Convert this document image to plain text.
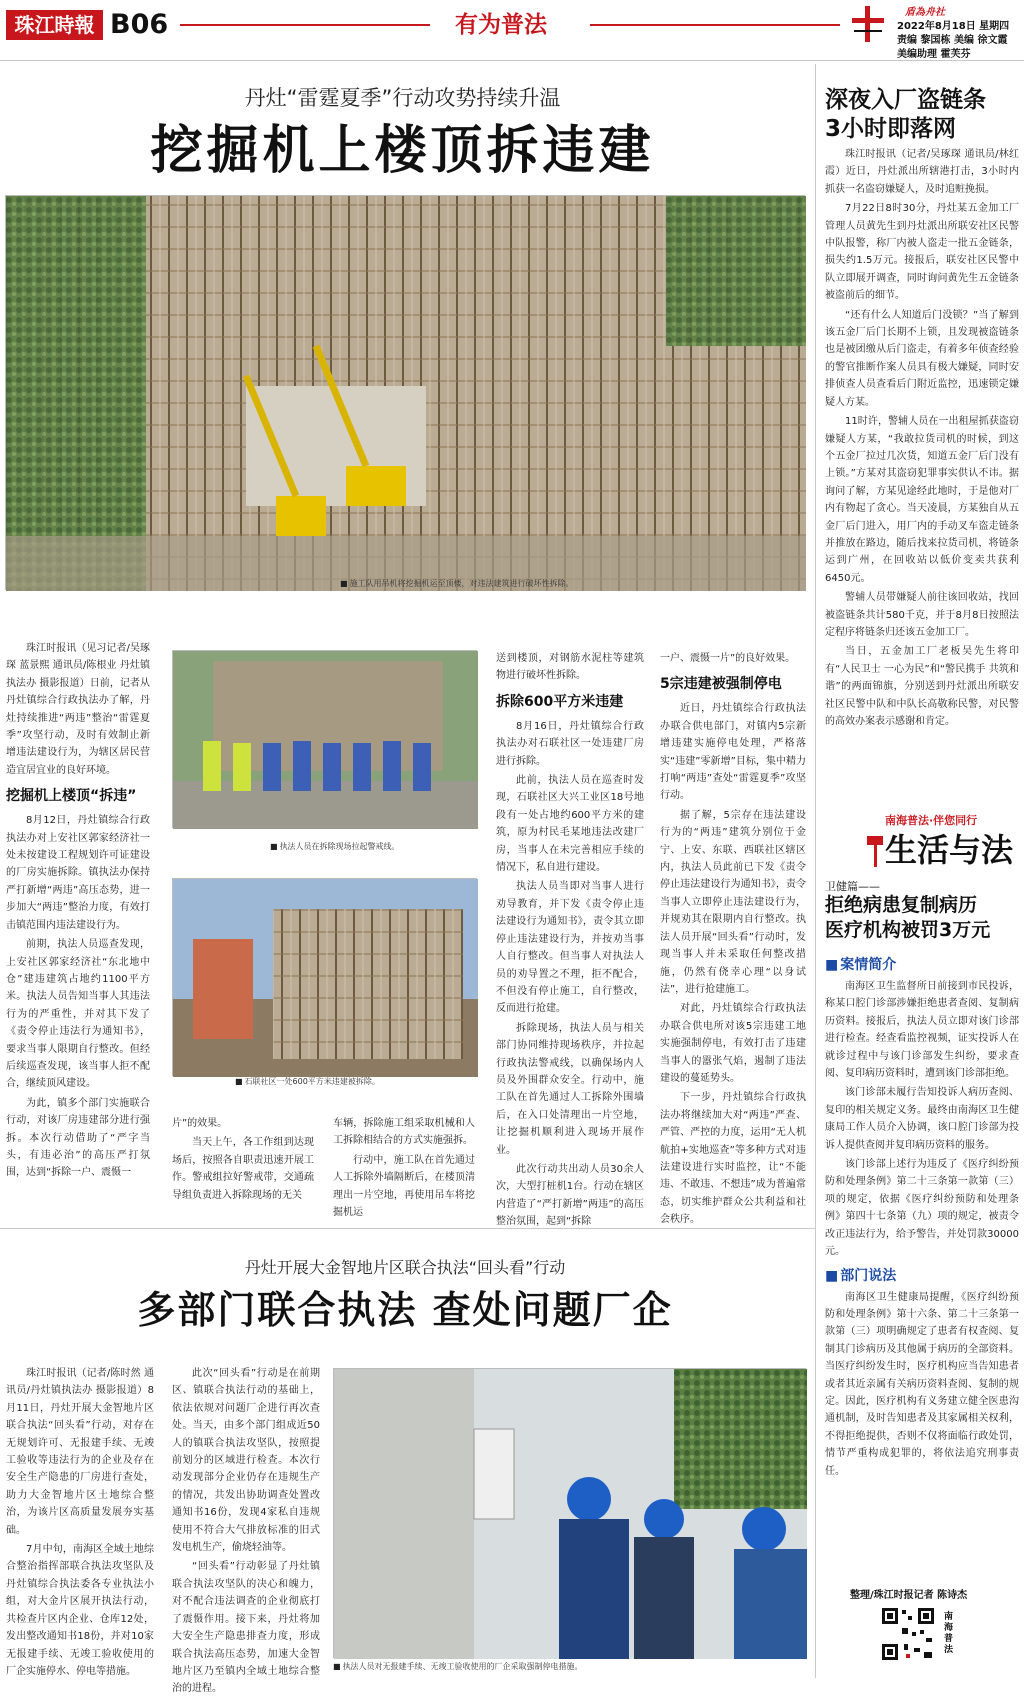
珠江時報 B06	有为普法	盾為舟社
2022年8月18日 星期四
责编 黎国栋 美编 徐文霞
美编助理 霍芙芬
丹灶“雷霆夏季”行动攻势持续升温
挖掘机上楼顶拆违建
■ 施工队用吊机将挖掘机运至顶楼，对违法建筑进行破坏性拆除。

珠江时报讯（见习记者/吴琢琛 蓝景熙 通讯员/陈根业 丹灶镇执法办 摄影报道）日前，记者从丹灶镇综合行政执法办了解，丹灶持续推进“两违”整治“雷霆夏季”攻坚行动，及时有效制止新增违法建设行为，为辖区居民营造宜居宜业的良好环境。

挖掘机上楼顶“拆违”

8月12日，丹灶镇综合行政执法办对上安社区郭家经济社一处未按建设工程规划许可证建设的厂房实施拆除。镇执法办保持严打新增“两违”高压态势，进一步加大“两违”整治力度，有效打击镇范围内违法建设行为。

前期，执法人员巡查发现，上安社区郭家经济社“东北地中仓”建违建筑占地约1100平方米。执法人员告知当事人其违法行为的严重性，并对其下发了《责令停止违法行为通知书》，要求当事人限期自行整改。但经后续巡查发现，该当事人拒不配合，继续顶风建设。

为此，镇多个部门实施联合行动，对该厂房违建部分进行强拆。本次行动借助了“严字当头，有违必治”的高压严打氛围，达到“拆除一户、震慑一

■ 执法人员在拆除现场拉起警戒线。
■ 石联社区一处600平方米违建被拆除。

片”的效果。

当天上午，各工作组到达现场后，按照各自职责迅速开展工作。警戒组拉好警戒带，交通疏导组负责进入拆除现场的无关

车辆，拆除施工组采取机械和人工拆除相结合的方式实施强拆。

行动中，施工队在首先通过人工拆除外墙隔断后，在楼顶清理出一片空地，再使用吊车将挖掘机运

送到楼顶，对钢筋水泥柱等建筑物进行破坏性拆除。

拆除600平方米违建

8月16日，丹灶镇综合行政执法办对石联社区一处违建厂房进行拆除。

此前，执法人员在巡查时发现，石联社区大兴工业区18号地段有一处占地约600平方米的建筑，原为村民毛某地违法改建厂房，当事人在未完善相应手续的情况下，私自进行建设。

执法人员当即对当事人进行劝导教育，并下发《责令停止违法建设行为通知书》，责令其立即停止违法建设行为，并按劝当事人自行整改。但当事人对执法人员的劝导置之不理，拒不配合，不但没有停止施工，自行整改，反而进行抢建。

拆除现场，执法人员与相关部门协同维持现场秩序，并拉起行政执法警戒线，以确保场内人员及外围群众安全。行动中，施工队在首先通过人工拆除外围墙后，在入口处清理出一片空地，让挖掘机顺利进入现场开展作业。

此次行动共出动人员30余人次，大型打桩机1台。行动在辖区内营造了“严打新增”两违”的高压整治氛围，起到“拆除

一户、震慑一片”的良好效果。

5宗违建被强制停电

近日，丹灶镇综合行政执法办联合供电部门，对镇内5宗新增违建实施停电处理，严格落实“违建”零新增”目标，集中精力打响“两违”查处“雷霆夏季”攻坚行动。

据了解，5宗存在违法建设行为的“两违”建筑分别位于金宁、上安、东联、西联社区辖区内，执法人员此前已下发《责令停止违法建设行为通知书》，责令当事人立即停止违法建设行为，并规劝其在限期内自行整改。执法人员开展“回头看”行动时，发现当事人并未采取任何整改措施，仍然有侥幸心理“以身试法”，进行抢建施工。

对此，丹灶镇综合行政执法办联合供电所对该5宗违建工地实施强制停电，有效打击了违建当事人的嚣张气焰，遏制了违法建设的蔓延势头。

下一步，丹灶镇综合行政执法办将继续加大对“两违”严查、严管、严控的力度，运用“无人机航拍+实地巡查”等多种方式对违法建设进行实时监控，让“不能违、不敢违、不想违”成为普遍常态，切实维护群众公共利益和社会秩序。

丹灶开展大金智地片区联合执法“回头看”行动
多部门联合执法 查处问题厂企

珠江时报讯（记者/陈时然 通讯员/丹灶镇执法办 摄影报道）8月11日，丹灶开展大金智地片区联合执法“回头看”行动，对存在无规划许可、无报建手续、无竣工验收等违法行为的企业及存在安全生产隐患的厂房进行查处，助力大金智地片区土地综合整治，为该片区高质量发展夯实基础。

7月中旬，南海区全域土地综合整治指挥部联合执法攻坚队及丹灶镇综合执法委各专业执法小组，对大金片区展开执法行动，共检查片区内企业、仓库12处，发出整改通知书18份，并对10家无报建手续、无竣工验收使用的厂企实施停水、停电等措施。

此次“回头看”行动是在前期区、镇联合执法行动的基础上，依法依规对问题厂企进行再次查处。当天，由多个部门组成近50人的镇联合执法攻坚队，按照提前划分的区域进行检查。本次行动发现部分企业仍存在违规生产的情况，共发出协助调查处置改通知书16份，发现4家私自违规使用不符合大气排放标准的旧式发电机生产，偷烧轻油等。

“回头看”行动彰显了丹灶镇联合执法攻坚队的决心和魄力，对不配合违法调查的企业彻底打了震慑作用。接下来，丹灶将加大安全生产隐患排查力度，形成联合执法高压态势，加速大金智地片区乃至镇内全域土地综合整治的进程。

■ 执法人员对无报建手续、无竣工验收使用的厂企采取强制停电措施。
深夜入厂盗链条
3小时即落网

珠江时报讯（记者/吴琢琛 通讯员/林红霞）近日，丹灶派出所辖港打击，3小时内抓获一名盗窃嫌疑人，及时追赃挽损。

7月22日8时30分，丹灶某五金加工厂管理人员黄先生到丹灶派出所联安社区民警中队报警，称厂内被人盗走一批五金链条，损失约1.5万元。接报后，联安社区民警中队立即展开调查，同时询问黄先生五金链条被盗前后的细节。

“还有什么人知道后门没锁？”当了解到该五金厂后门长期不上锁，且发现被盗链条也是被团缴从后门盗走，有着多年侦查经验的警官推断作案人员具有极大嫌疑，同时安排侦查人员查看后门附近监控，迅速锁定嫌疑人方某。

11时许，警辅人员在一出租屋抓获盗窃嫌疑人方某，“我敢拉货司机的时候，到这个五金厂拉过几次货，知道五金厂后门没有上锁。”方某对其盗窃犯罪事实供认不讳。据询问了解，方某见途经此地时，于是他对厂内有物起了贪心。当天凌晨，方某独自从五金厂后门进入，用厂内的手动叉车盗走链条并推放在路边，随后找来拉货司机，将链条运到广州，在回收站以低价变卖共获利6450元。

警辅人员带嫌疑人前往该回收站，找回被盗链条共计580千克，并于8月8日按照法定程序将链条归还该五金加工厂。

当日，五金加工厂老板吴先生将印有“人民卫士 一心为民”和“警民携手 共筑和谐”的两面锦旗，分别送到丹灶派出所联安社区民警中队和中队长高敬称民警，对民警的高效办案表示感谢和肯定。

南海普法·伴您同行
生活与法
卫健篇——
拒绝病患复制病历
医疗机构被罚3万元
■ 案情简介

南海区卫生监督所日前接到市民投诉，称某口腔门诊部涉嫌拒绝患者查阅、复制病历资料。接报后，执法人员立即对该门诊部进行检查。经查看监控视频，证实投诉人在就诊过程中与该门诊部发生纠纷，要求查阅、复印病历资料时，遭到该门诊部拒绝。

该门诊部未履行告知投诉人病历查阅、复印的相关规定义务。最终由南海区卫生健康局工作人员介入协调，该口腔门诊部为投诉人提供查阅并复印病历资料的服务。

该门诊部上述行为违反了《医疗纠纷预防和处理条例》第二十三条第一款第（三）项的规定，依据《医疗纠纷预防和处理条例》第四十七条第（九）项的规定，被责令改正违法行为，给予警告，并处罚款30000元。

■ 部门说法

南海区卫生健康局提醒，《医疗纠纷预防和处理条例》第十六条、第二十三条第一款第（三）项明确规定了患者有权查阅、复制其门诊病历及其他属于病历的全部资料。当医疗纠纷发生时，医疗机构应当告知患者或者其近亲属有关病历资料查阅、复制的规定。因此，医疗机构有义务建立健全医患沟通机制，及时告知患者及其家属相关权利，不得拒绝提供，否则不仅将面临行政处罚，情节严重构成犯罪的，将依法追究刑事责任。

整理/珠江时报记者 陈诗杰
南海普法
